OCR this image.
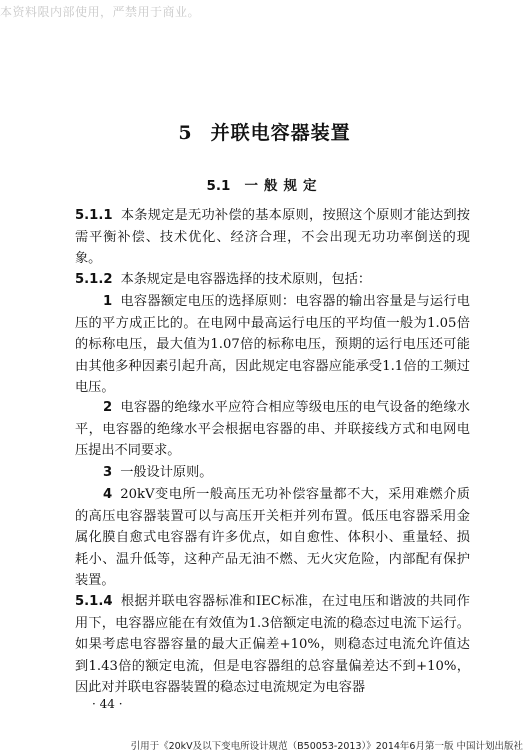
本资料限内部使用，严禁用于商业。
5 并联电容器装置
5.1 一般规定

5.1.1 本条规定是无功补偿的基本原则，按照这个原则才能达到按需平衡补偿、技术优化、经济合理，不会出现无功功率倒送的现象。

5.1.2 本条规定是电容器选择的技术原则，包括：

1 电容器额定电压的选择原则：电容器的输出容量是与运行电压的平方成正比的。在电网中最高运行电压的平均值一般为1.05倍的标称电压，最大值为1.07倍的标称电压，预期的运行电压还可能由其他多种因素引起升高，因此规定电容器应能承受1.1倍的工频过电压。

2 电容器的绝缘水平应符合相应等级电压的电气设备的绝缘水平，电容器的绝缘水平会根据电容器的串、并联接线方式和电网电压提出不同要求。

3 一般设计原则。

4 20kV变电所一般高压无功补偿容量都不大，采用难燃介质的高压电容器装置可以与高压开关柜并列布置。低压电容器采用金属化膜自愈式电容器有许多优点，如自愈性、体积小、重量轻、损耗小、温升低等，这种产品无油不燃、无火灾危险，内部配有保护装置。

5.1.4 根据并联电容器标准和IEC标准，在过电压和谐波的共同作用下，电容器应能在有效值为1.3倍额定电流的稳态过电流下运行。如果考虑电容器容量的最大正偏差+10%，则稳态过电流允许值达到1.43倍的额定电流，但是电容器组的总容量偏差达不到+10%，因此对并联电容器装置的稳态过电流规定为电容器

· 44 ·
引用于《20kV及以下变电所设计规范（B50053-2013）》2014年6月第一版 中国计划出版社
